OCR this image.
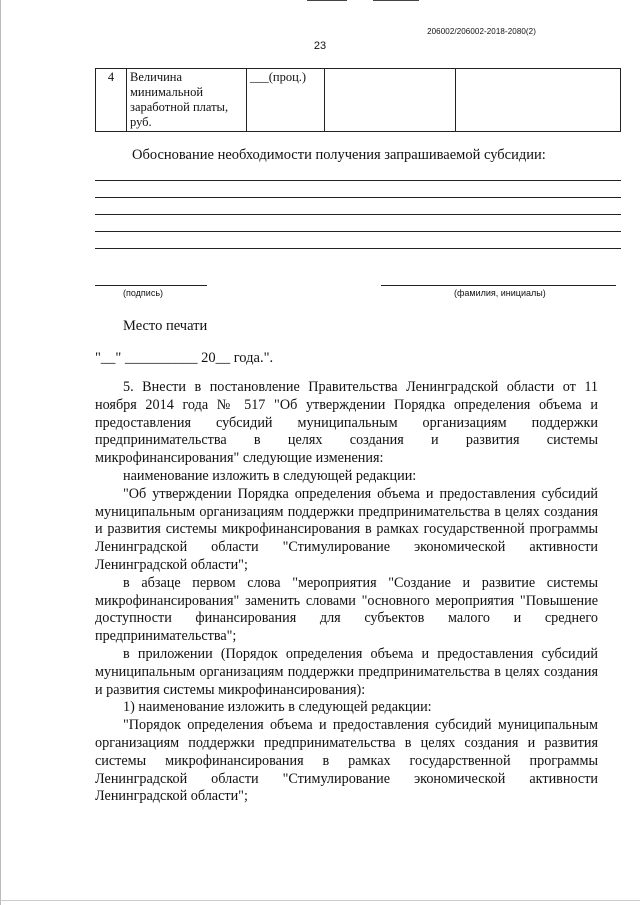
206002/206002-2018-2080(2)
23
4	Величина минимальной заработной платы, руб.	___(проц.)		
Обоснование необходимости получения запрашиваемой субсидии:
(подпись)	(фамилия, инициалы)
Место печати
"__" __________ 20__ года.".

5. Внести в постановление Правительства Ленинградской области от 11 ноября 2014 года № 517 "Об утверждении Порядка определения объема и предоставления субсидий муниципальным организациям поддержки предпринимательства в целях создания и развития системы микрофинансирования" следующие изменения:

наименование изложить в следующей редакции:

"Об утверждении Порядка определения объема и предоставления субсидий муниципальным организациям поддержки предпринимательства в целях создания и развития системы микрофинансирования в рамках государственной программы Ленинградской области "Стимулирование экономической активности Ленинградской области";

в абзаце первом слова "мероприятия "Создание и развитие системы микрофинансирования" заменить словами "основного мероприятия "Повышение доступности финансирования для субъектов малого и среднего предпринимательства";

в приложении (Порядок определения объема и предоставления субсидий муниципальным организациям поддержки предпринимательства в целях создания и развития системы микрофинансирования):

1) наименование изложить в следующей редакции:

"Порядок определения объема и предоставления субсидий муниципальным организациям поддержки предпринимательства в целях создания и развития системы микрофинансирования в рамках государственной программы Ленинградской области "Стимулирование экономической активности Ленинградской области";
